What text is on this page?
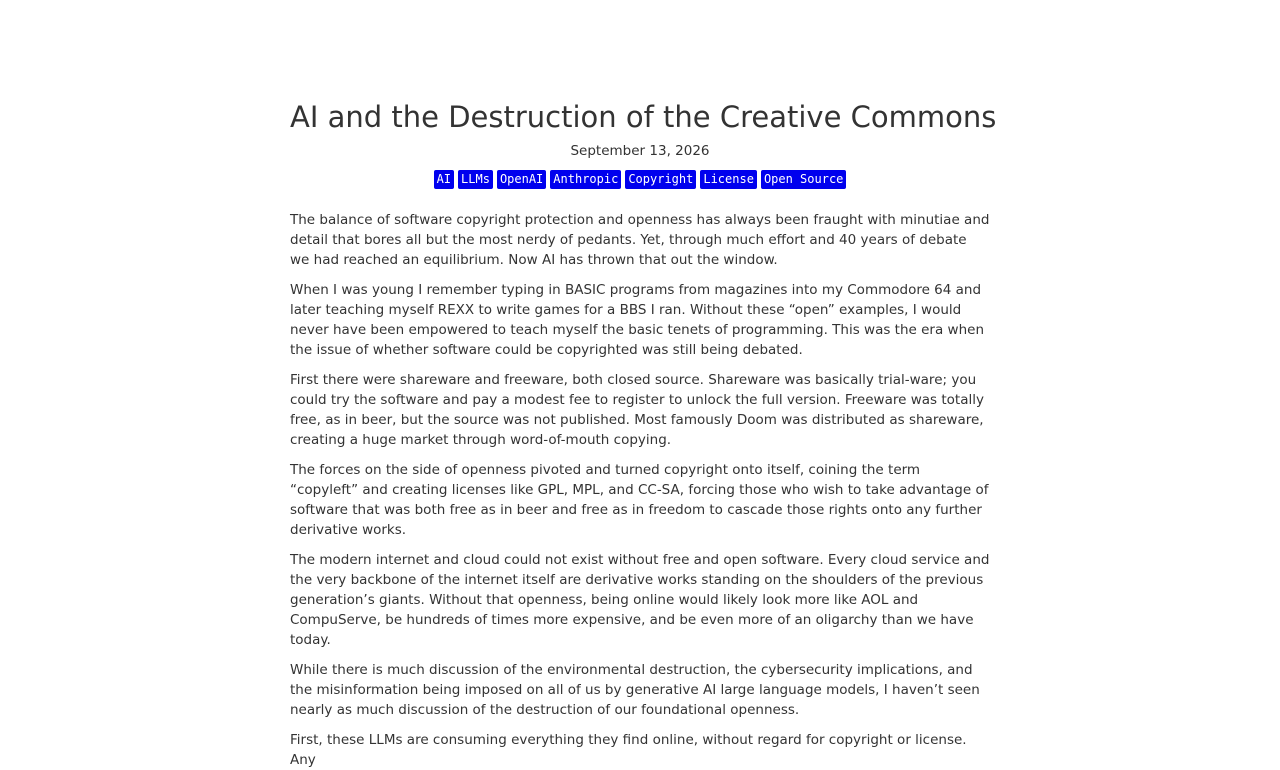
AI and the Destruction of the Creative Commons
September 13, 2026
AI LLMs OpenAI Anthropic Copyright License Open Source

The balance of software copyright protection and openness has always been fraught with minutiae and detail that bores all but the most nerdy of pedants. Yet, through much effort and 40 years of debate we had reached an equilibrium. Now AI has thrown that out the window.

When I was young I remember typing in BASIC programs from magazines into my Commodore 64 and later teaching myself REXX to write games for a BBS I ran. Without these “open” examples, I would never have been empowered to teach myself the basic tenets of programming. This was the era when the issue of whether software could be copyrighted was still being debated.

First there were shareware and freeware, both closed source. Shareware was basically trial-ware; you could try the software and pay a modest fee to register to unlock the full version. Freeware was totally free, as in beer, but the source was not published. Most famously Doom was distributed as shareware, creating a huge market through word-of-mouth copying.

The forces on the side of openness pivoted and turned copyright onto itself, coining the term “copyleft” and creating licenses like GPL, MPL, and CC-SA, forcing those who wish to take advantage of software that was both free as in beer and free as in freedom to cascade those rights onto any further derivative works.

The modern internet and cloud could not exist without free and open software. Every cloud service and the very backbone of the internet itself are derivative works standing on the shoulders of the previous generation’s giants. Without that openness, being online would likely look more like AOL and CompuServe, be hundreds of times more expensive, and be even more of an oligarchy than we have today.

While there is much discussion of the environmental destruction, the cybersecurity implications, and the misinformation being imposed on all of us by generative AI large language models, I haven’t seen nearly as much discussion of the destruction of our foundational openness.

First, these LLMs are consuming everything they find online, without regard for copyright or license. Any
